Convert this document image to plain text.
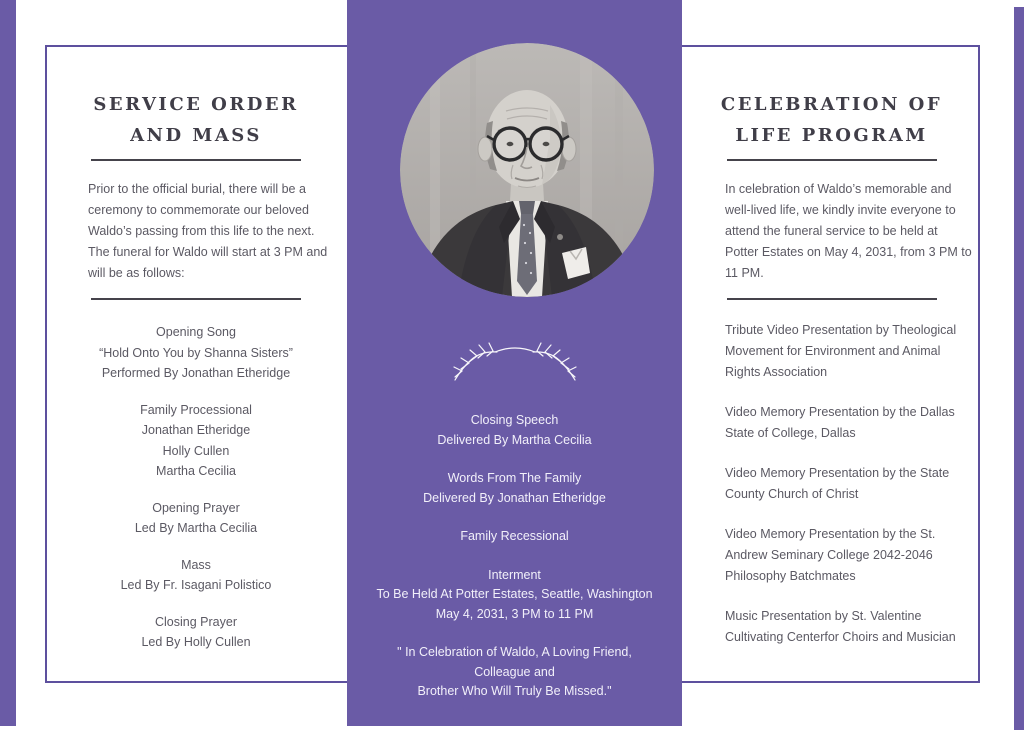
SERVICE ORDER
AND MASS

Prior to the official burial, there will be a
ceremony to commemorate our beloved
Waldo’s passing from this life to the next.
The funeral for Waldo will start at 3 PM and
will be as follows:

Opening Song
“Hold Onto You by Shanna Sisters”
Performed By Jonathan Etheridge
Family Processional
Jonathan Etheridge
Holly Cullen
Martha Cecilia
Opening Prayer
Led By Martha Cecilia
Mass
Led By Fr. Isagani Polistico
Closing Prayer
Led By Holly Cullen
Closing Speech
Delivered By Martha Cecilia
Words From The Family
Delivered By Jonathan Etheridge
Family Recessional
Interment
To Be Held At Potter Estates, Seattle, Washington
May 4, 2031, 3 PM to 11 PM
" In Celebration of Waldo, A Loving Friend,
Colleague and
Brother Who Will Truly Be Missed."
CELEBRATION OF
LIFE PROGRAM

In celebration of Waldo’s memorable and
well-lived life, we kindly invite everyone to
attend the funeral service to be held at
Potter Estates on May 4, 2031, from 3 PM to
11 PM.

Tribute Video Presentation by Theological
Movement for Environment and Animal
Rights Association
Video Memory Presentation by the Dallas
State of College, Dallas
Video Memory Presentation by the State
County Church of Christ
Video Memory Presentation by the St.
Andrew Seminary College 2042-2046
Philosophy Batchmates
Music Presentation by St. Valentine
Cultivating Centerfor Choirs and Musician
